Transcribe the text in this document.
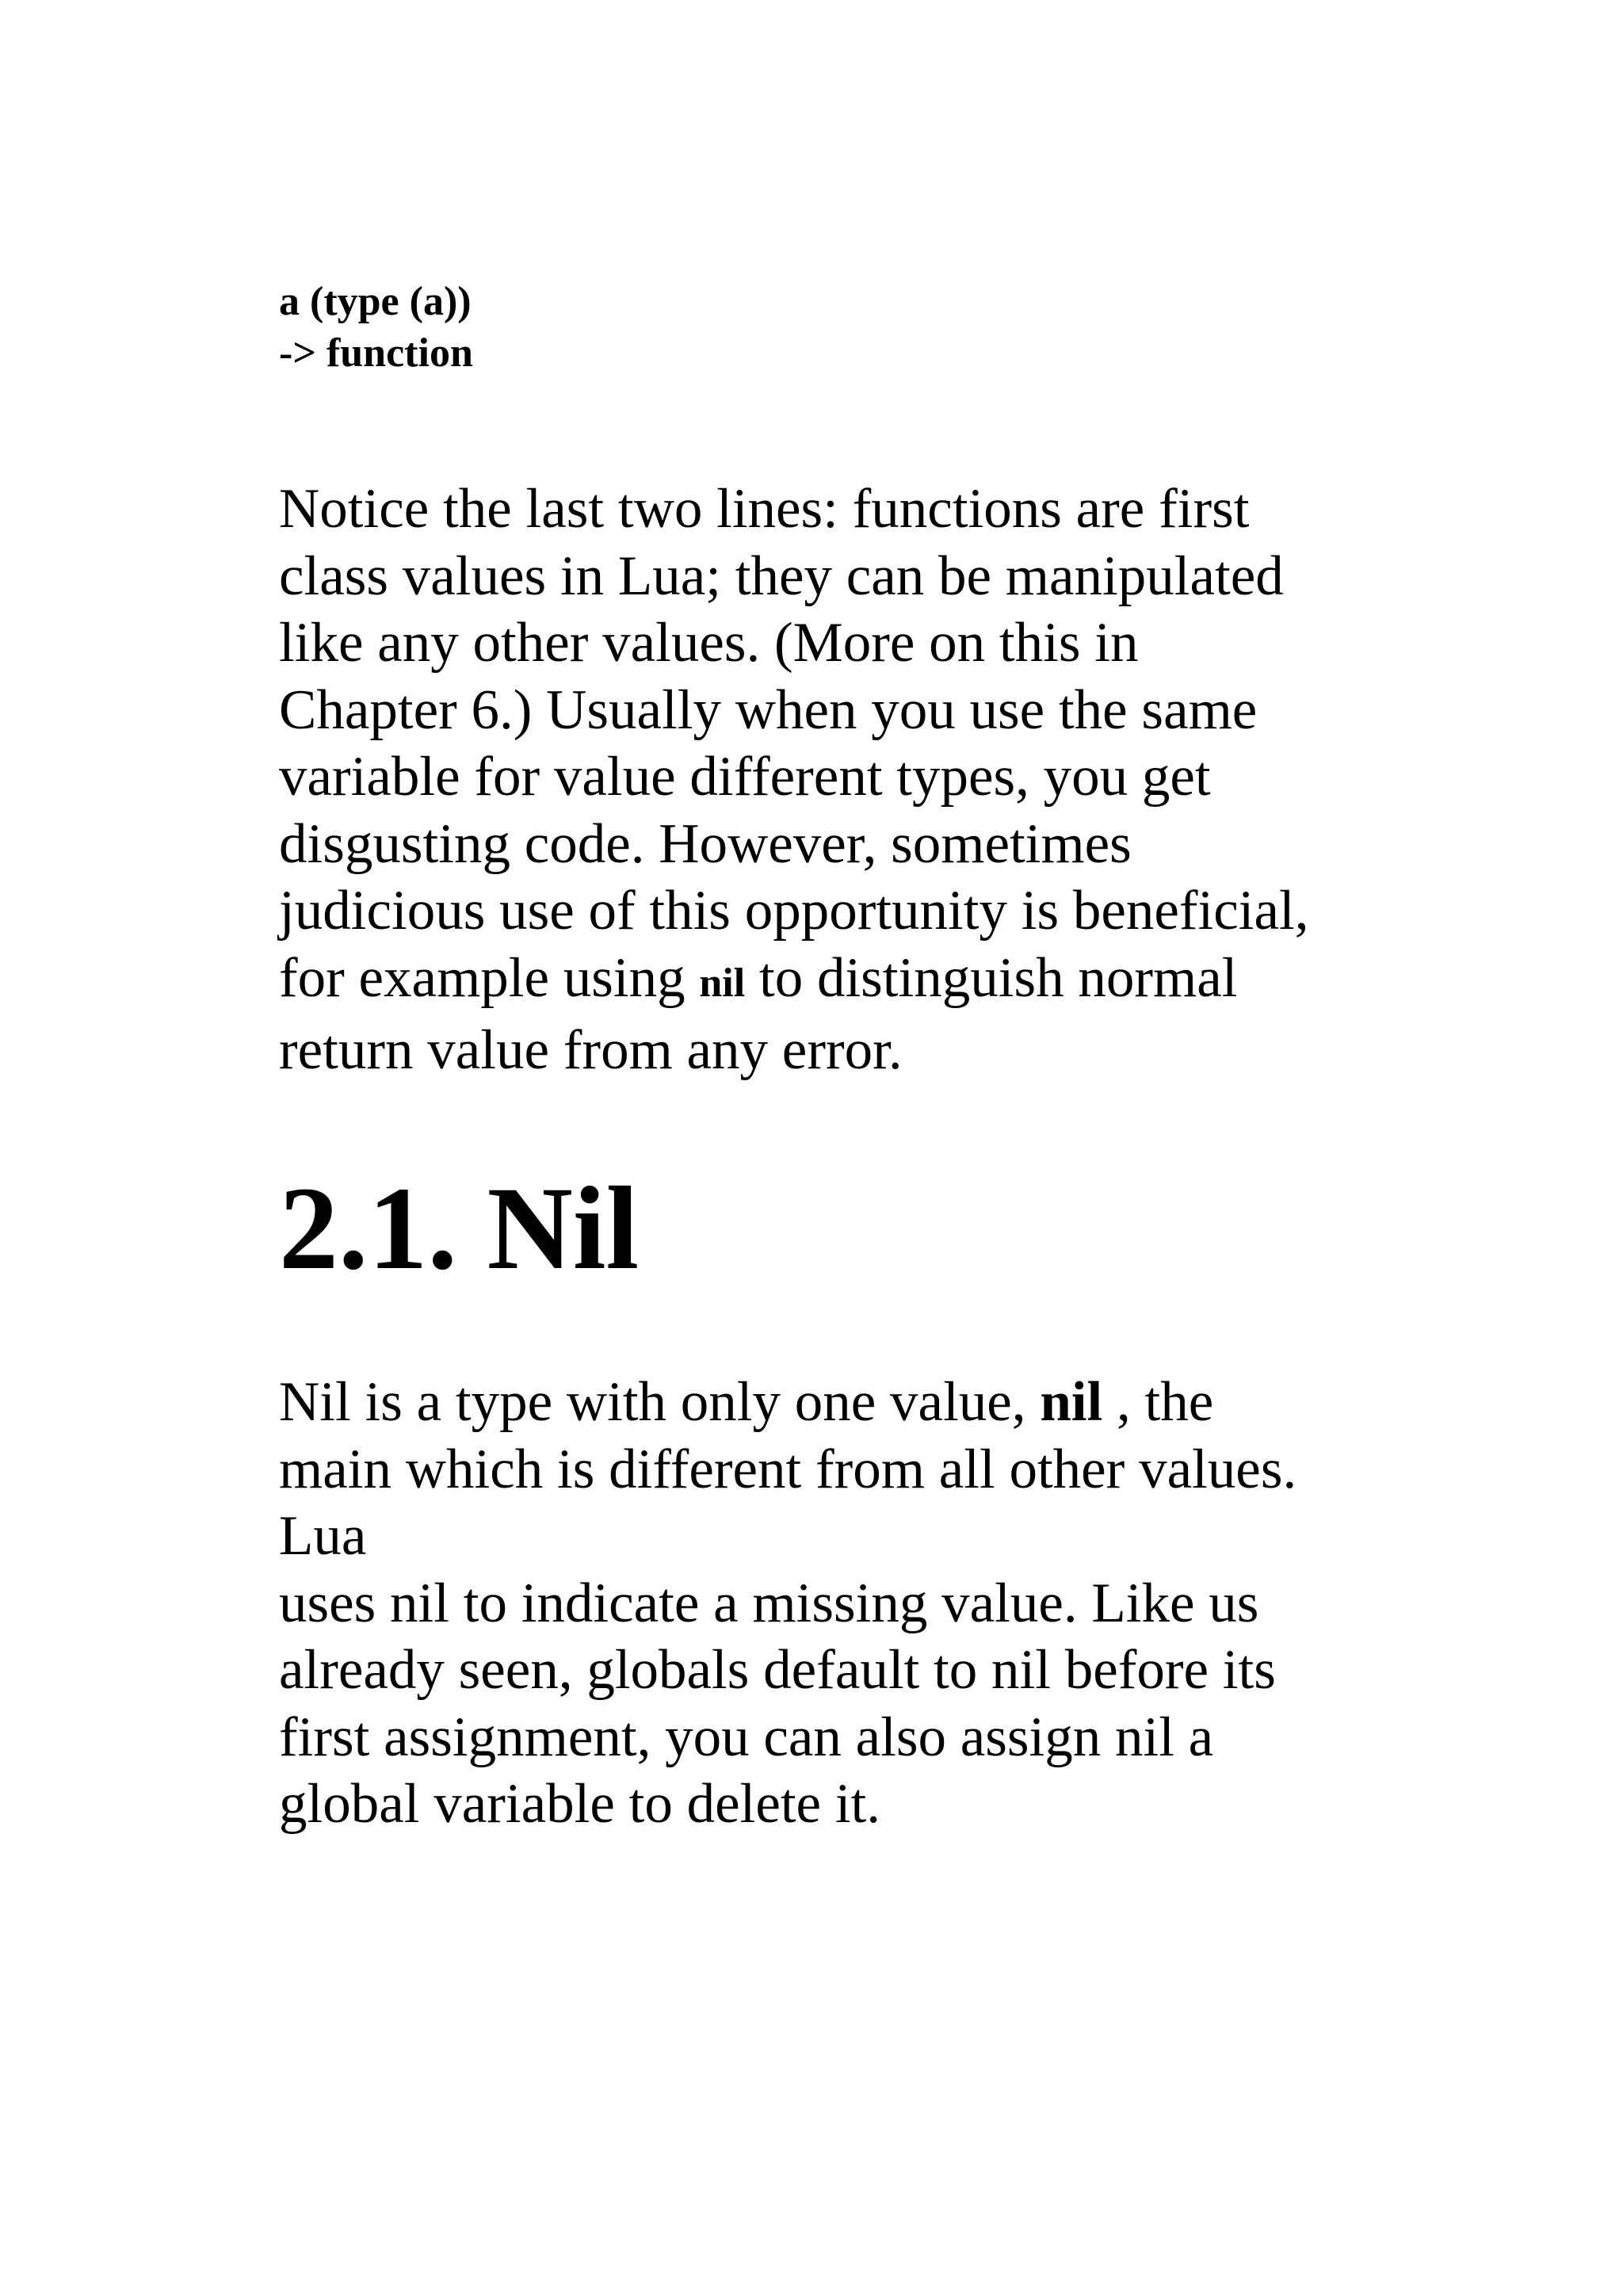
a (type (a))
-> function
Notice the last two lines: functions are first
class values in Lua; they can be manipulated
like any other values. (More on this in
Chapter 6.) Usually when you use the same
variable for value different types, you get
disgusting code. However, sometimes
judicious use of this opportunity is beneficial,
for example using nil to distinguish normal
return value from any error.
2.1. Nil
Nil is a type with only one value, nil , the
main which is different from all other values.
Lua
uses nil to indicate a missing value. Like us
already seen, globals default to nil before its
first assignment, you can also assign nil a
global variable to delete it.
